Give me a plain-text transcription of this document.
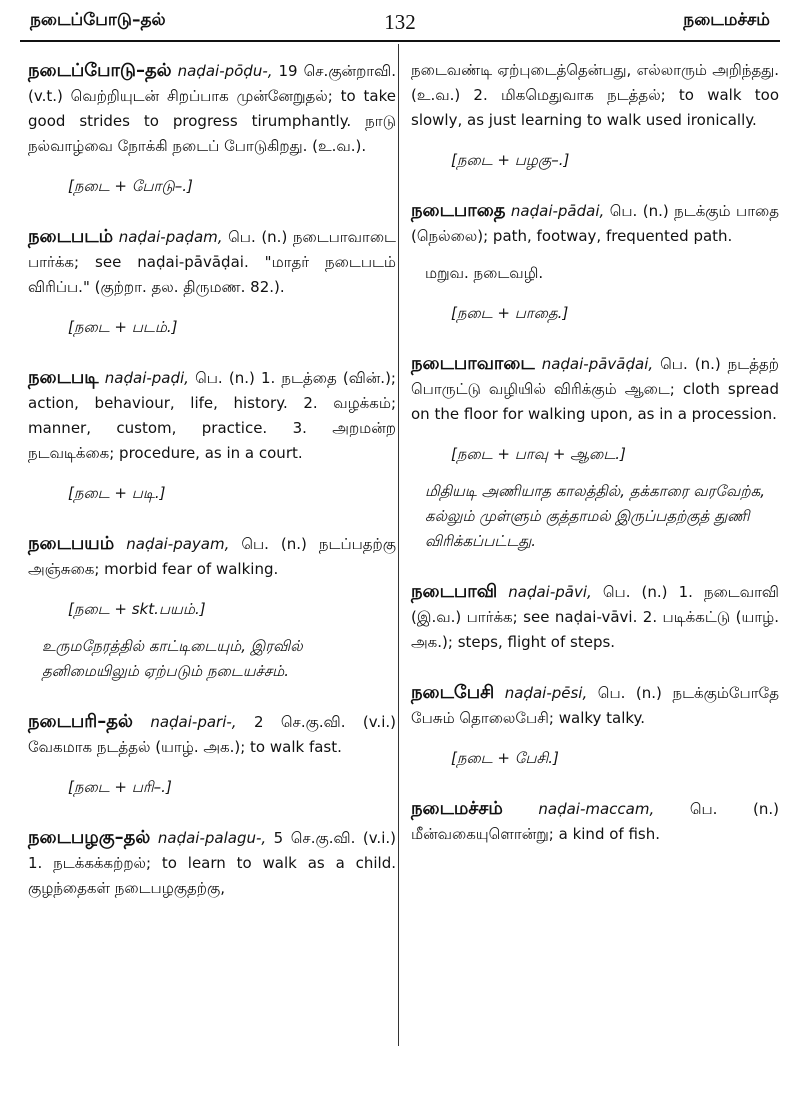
நடைப்போடு–தல்	132	நடைமச்சம்

நடைப்போடு–தல் naḍai-pōḍu-, 19 செ.குன்றாவி. (v.t.) வெற்றியுடன் சிறப்பாக முன்னேறுதல்; to take good strides to progress tirumphantly. நாடு நல்வாழ்வை நோக்கி நடைப் போடுகிறது. (உ.வ.).

[நடை + போடு–.]

நடைபடம் naḍai-paḍam, பெ. (n.) நடைபாவாடை பார்க்க; see naḍai-pāvāḍai. "மாதர் நடைபடம் விரிப்ப." (குற்றா. தல. திருமண. 82.).

[நடை + படம்.]

நடைபடி naḍai-paḍi, பெ. (n.) 1. நடத்தை (வின்.); action, behaviour, life, history. 2. வழக்கம்; manner, custom, practice. 3. அறமன்ற நடவடிக்கை; procedure, as in a court.

[நடை + படி.]

நடைபயம் naḍai-payam, பெ. (n.) நடப்பதற்கு அஞ்சுகை; morbid fear of walking.

[நடை + skt.பயம்.]

உருமநேரத்தில் காட்டிடையும், இரவில் தனிமையிலும் ஏற்படும் நடையச்சம்.

நடைபரி–தல் naḍai-pari-, 2 செ.கு.வி. (v.i.) வேகமாக நடத்தல் (யாழ். அக.); to walk fast.

[நடை + பரி–.]

நடைபழகு–தல் naḍai-palagu-, 5 செ.கு.வி. (v.i.) 1. நடக்கக்கற்றல்; to learn to walk as a child. குழந்தைகள் நடைபழகுதற்கு,

நடைவண்டி ஏற்புடைத்தென்பது, எல்லாரும் அறிந்தது. (உ.வ.) 2. மிகமெதுவாக நடத்தல்; to walk too slowly, as just learning to walk used ironically.

[நடை + பழகு–.]

நடைபாதை naḍai-pādai, பெ. (n.) நடக்கும் பாதை (நெல்லை); path, footway, frequented path.

மறுவ. நடைவழி.

[நடை + பாதை.]

நடைபாவாடை naḍai-pāvāḍai, பெ. (n.) நடத்தற் பொருட்டு வழியில் விரிக்கும் ஆடை; cloth spread on the floor for walking upon, as in a procession.

[நடை + பாவு + ஆடை.]

மிதியடி அணியாத காலத்தில், தக்காரை வரவேற்க, கல்லும் முள்ளும் குத்தாமல் இருப்பதற்குத் துணி விரிக்கப்பட்டது.

நடைபாவி naḍai-pāvi, பெ. (n.) 1. நடைவாவி (இ.வ.) பார்க்க; see naḍai-vāvi. 2. படிக்கட்டு (யாழ். அக.); steps, flight of steps.

நடைபேசி naḍai-pēsi, பெ. (n.) நடக்கும்போதே பேசும் தொலைபேசி; walky talky.

[நடை + பேசி.]

நடைமச்சம் naḍai-maccam, பெ. (n.) மீன்வகையுளொன்று; a kind of fish.
